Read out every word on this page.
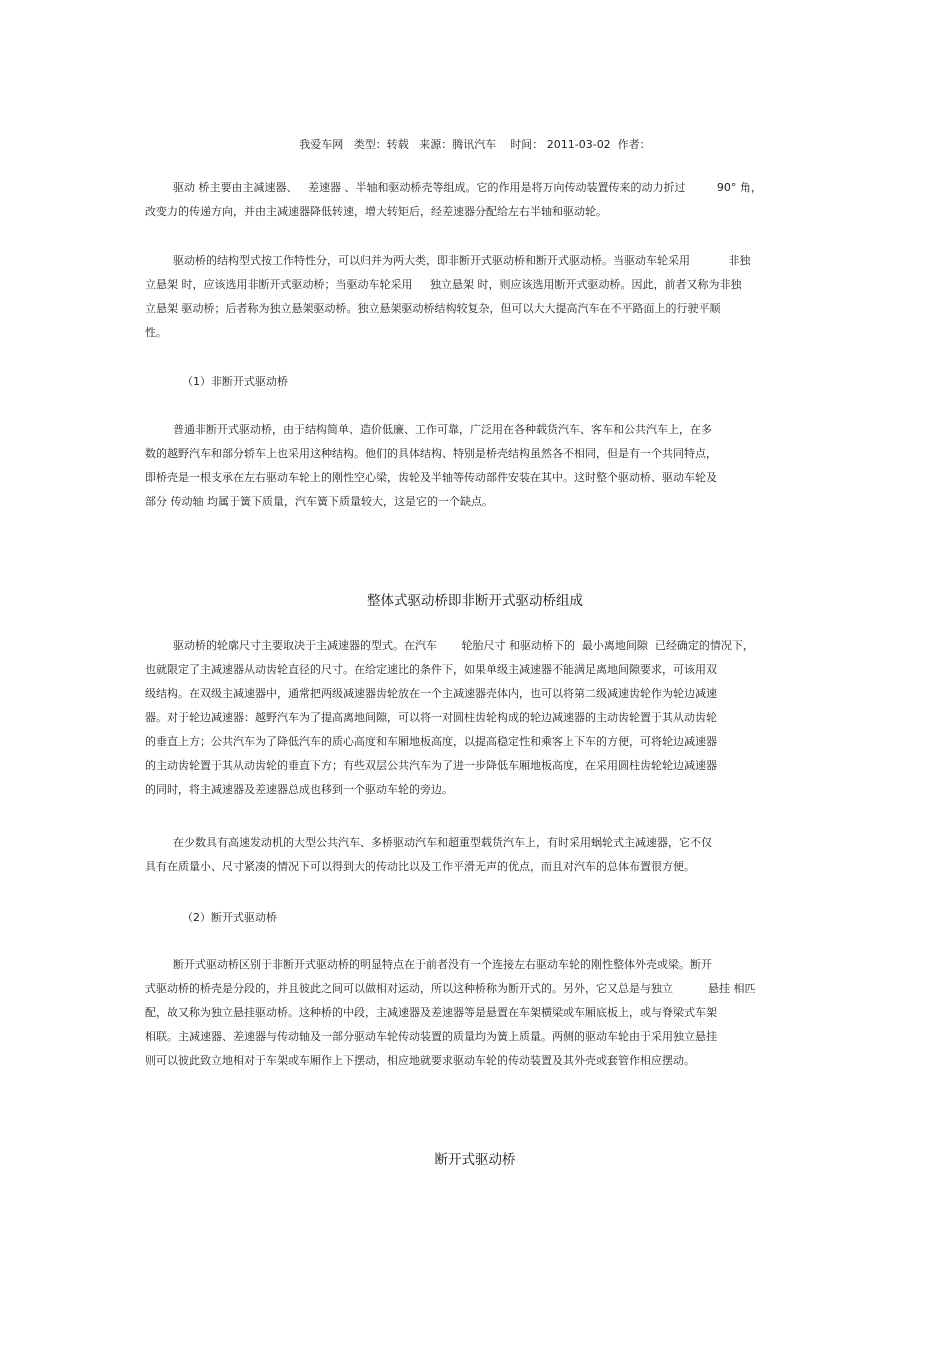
我爱车网   类型：转载   来源：腾讯汽车    时间： 2011-03-02  作者：
驱动 桥主要由主减速器、   差速器 、半轴和驱动桥壳等组成。它的作用是将万向传动装置传来的动力折过         90° 角，
改变力的传递方向，并由主减速器降低转速，增大转矩后，经差速器分配给左右半轴和驱动轮。
驱动桥的结构型式按工作特性分，可以归并为两大类，即非断开式驱动桥和断开式驱动桥。当驱动车轮采用           非独
立悬架 时，应该选用非断开式驱动桥；当驱动车轮采用     独立悬架 时，则应该选用断开式驱动桥。因此，前者又称为非独
立悬架 驱动桥；后者称为独立悬架驱动桥。独立悬架驱动桥结构较复杂，但可以大大提高汽车在不平路面上的行驶平顺
性。
（1）非断开式驱动桥
普通非断开式驱动桥，由于结构简单、造价低廉、工作可靠，广泛用在各种载货汽车、客车和公共汽车上，在多
数的越野汽车和部分轿车上也采用这种结构。他们的具体结构、特别是桥壳结构虽然各不相同，但是有一个共同特点，
即桥壳是一根支承在左右驱动车轮上的刚性空心梁，齿轮及半轴等传动部件安装在其中。这时整个驱动桥、驱动车轮及
部分 传动轴 均属于簧下质量，汽车簧下质量较大，这是它的一个缺点。
整体式驱动桥即非断开式驱动桥组成
驱动桥的轮廓尺寸主要取决于主减速器的型式。在汽车       轮胎尺寸 和驱动桥下的  最小离地间隙  已经确定的情况下，
也就限定了主减速器从动齿轮直径的尺寸。在给定速比的条件下，如果单级主减速器不能满足离地间隙要求，可该用双
级结构。在双级主减速器中，通常把两级减速器齿轮放在一个主减速器壳体内，也可以将第二级减速齿轮作为轮边减速
器。对于轮边减速器：越野汽车为了提高离地间隙，可以将一对圆柱齿轮构成的轮边减速器的主动齿轮置于其从动齿轮
的垂直上方；公共汽车为了降低汽车的质心高度和车厢地板高度，以提高稳定性和乘客上下车的方便，可将轮边减速器
的主动齿轮置于其从动齿轮的垂直下方；有些双层公共汽车为了进一步降低车厢地板高度，在采用圆柱齿轮轮边减速器
的同时，将主减速器及差速器总成也移到一个驱动车轮的旁边。
在少数具有高速发动机的大型公共汽车、多桥驱动汽车和超重型载货汽车上，有时采用蜗轮式主减速器，它不仅
具有在质量小、尺寸紧凑的情况下可以得到大的传动比以及工作平滑无声的优点，而且对汽车的总体布置很方便。
（2）断开式驱动桥
断开式驱动桥区别于非断开式驱动桥的明显特点在于前者没有一个连接左右驱动车轮的刚性整体外壳或梁。断开
式驱动桥的桥壳是分段的，并且彼此之间可以做相对运动，所以这种桥称为断开式的。另外，它又总是与独立          悬挂 相匹
配，故又称为独立悬挂驱动桥。这种桥的中段，主减速器及差速器等是悬置在车架横梁或车厢底板上，或与脊梁式车架
相联。主减速器、差速器与传动轴及一部分驱动车轮传动装置的质量均为簧上质量。两侧的驱动车轮由于采用独立悬挂
则可以彼此致立地相对于车架或车厢作上下摆动，相应地就要求驱动车轮的传动装置及其外壳或套管作相应摆动。
断开式驱动桥
